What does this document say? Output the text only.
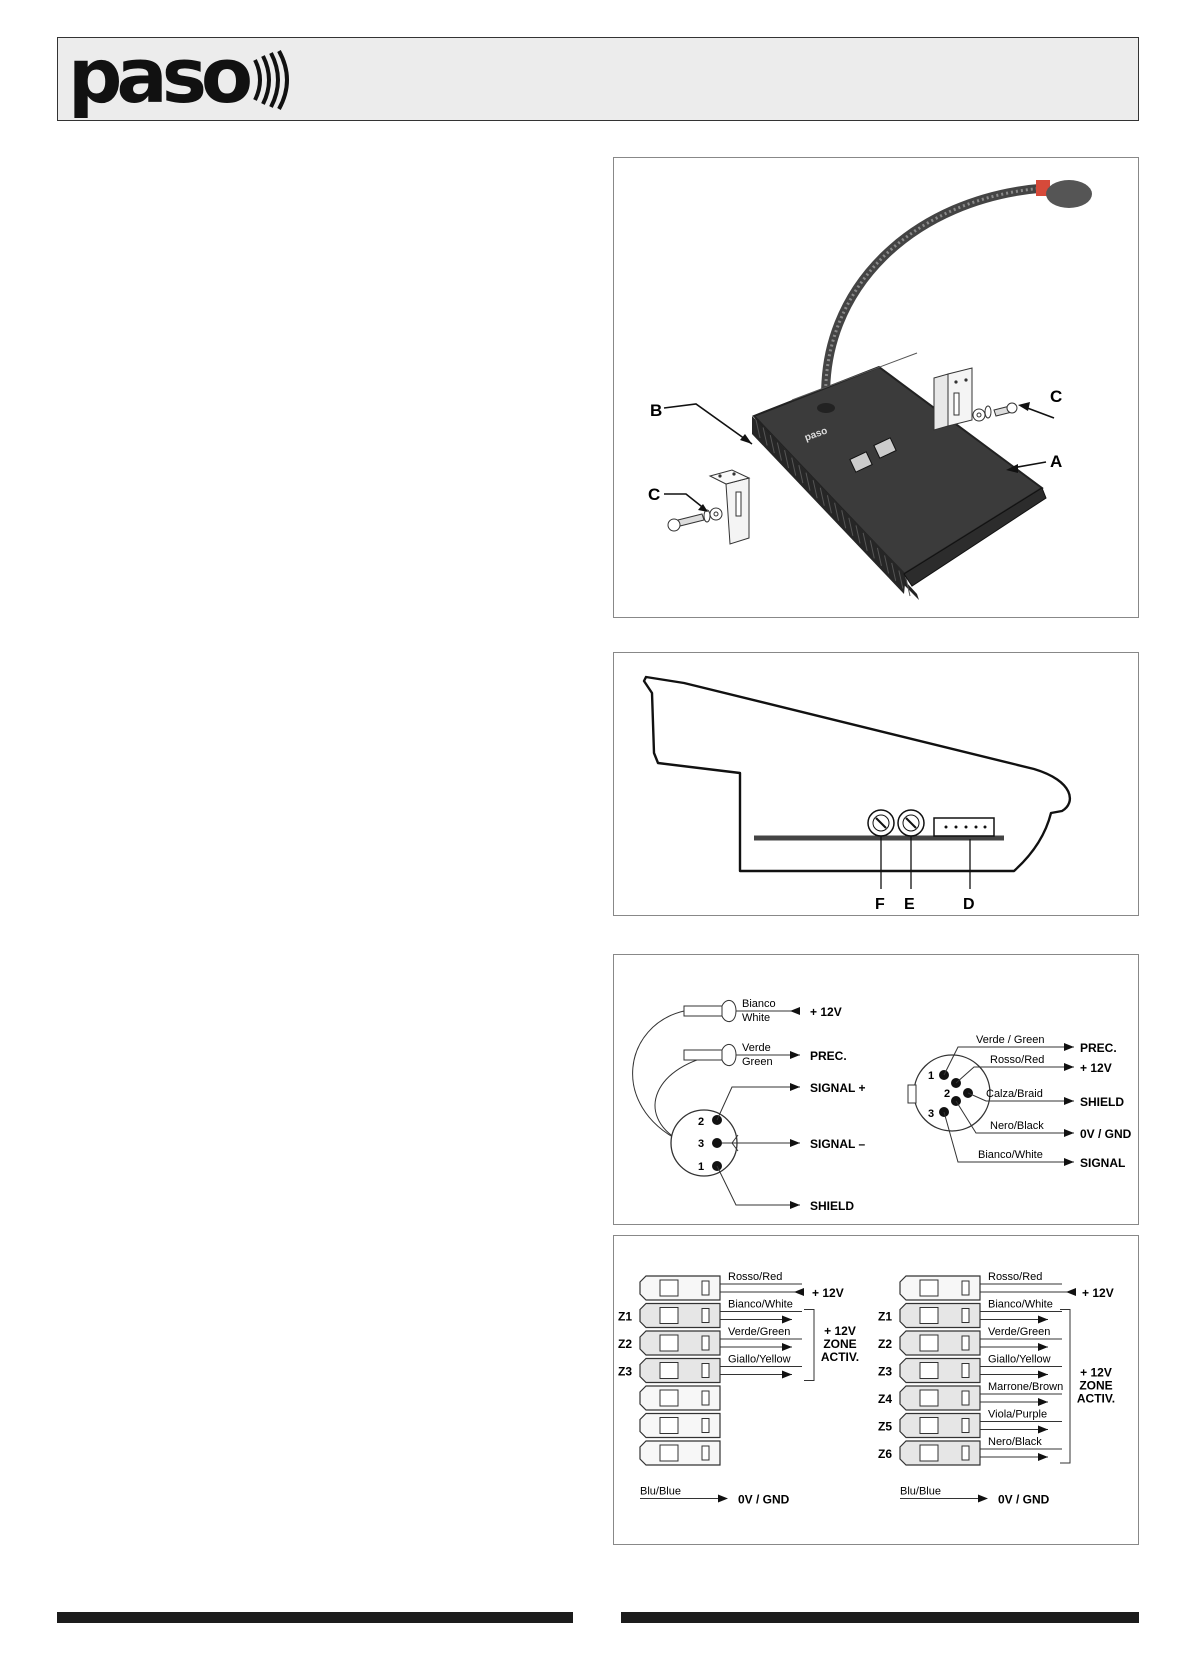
paso
paso
B
C
A
C
F E	D
2
3
1
Bianco
White	+ 12V
Verde
Green	PREC.
SIGNAL +
SIGNAL –
SHIELD
1
2
3
Verde / Green
Rosso/Red
Calza/Braid
Nero/Black
Bianco/White
PREC.
+ 12V
SHIELD
0V / GND
SIGNAL
Rosso/Red
+ 12V
Z1
Bianco/White
Z2
Verde/Green
Z3
Giallo/Yellow
+ 12V
ZONE
ACTIV.
Blu/Blue
0V / GND
Rosso/Red
+ 12V
Z1
Bianco/White
Z2
Verde/Green
Z3
Giallo/Yellow
Z4
Marrone/Brown
Z5
Viola/Purple
Z6
Nero/Black
+ 12V
ZONE
ACTIV.
Blu/Blue
0V / GND
